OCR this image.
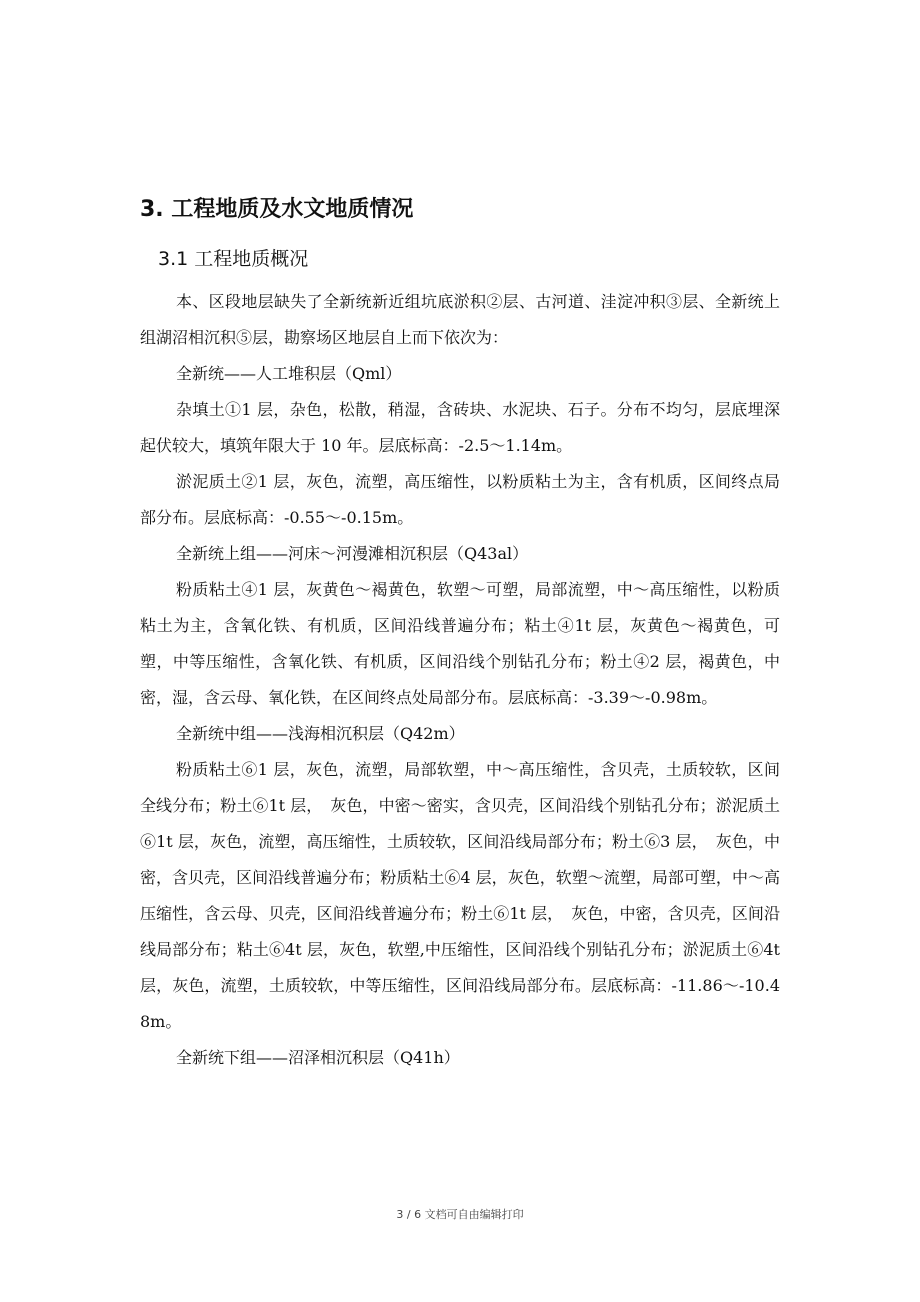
3. 工程地质及水文地质情况
3.1 工程地质概况

本、区段地层缺失了全新统新近组坑底淤积②层、古河道、洼淀冲积③层、全新统上组湖沼相沉积⑤层，勘察场区地层自上而下依次为：

全新统——人工堆积层（Qml）

杂填土①1 层，杂色，松散，稍湿，含砖块、水泥块、石子。分布不均匀，层底埋深起伏较大，填筑年限大于 10 年。层底标高：-2.5～1.14m。

淤泥质土②1 层，灰色，流塑，高压缩性，以粉质粘土为主，含有机质，区间终点局部分布。层底标高：-0.55～-0.15m。

全新统上组——河床～河漫滩相沉积层（Q43al）

粉质粘土④1 层，灰黄色～褐黄色，软塑～可塑，局部流塑，中～高压缩性，以粉质粘土为主，含氧化铁、有机质，区间沿线普遍分布；粘土④1t 层，灰黄色～褐黄色，可塑，中等压缩性，含氧化铁、有机质，区间沿线个别钻孔分布；粉土④2 层，褐黄色，中密，湿，含云母、氧化铁，在区间终点处局部分布。层底标高：-3.39～-0.98m。

全新统中组——浅海相沉积层（Q42m）

粉质粘土⑥1 层，灰色，流塑，局部软塑，中～高压缩性，含贝壳，土质较软，区间全线分布；粉土⑥1t 层，　灰色，中密～密实，含贝壳，区间沿线个别钻孔分布；淤泥质土⑥1t 层，灰色，流塑，高压缩性，土质较软，区间沿线局部分布；粉土⑥3 层，　灰色，中密，含贝壳，区间沿线普遍分布；粉质粘土⑥4 层，灰色，软塑～流塑，局部可塑，中～高压缩性，含云母、贝壳，区间沿线普遍分布；粉土⑥1t 层，　灰色，中密，含贝壳，区间沿线局部分布；粘土⑥4t 层，灰色，软塑,中压缩性，区间沿线个别钻孔分布；淤泥质土⑥4t 层，灰色，流塑，土质较软，中等压缩性，区间沿线局部分布。层底标高：-11.86～-10.48m。

全新统下组——沼泽相沉积层（Q41h）

3 / 6 文档可自由编辑打印
